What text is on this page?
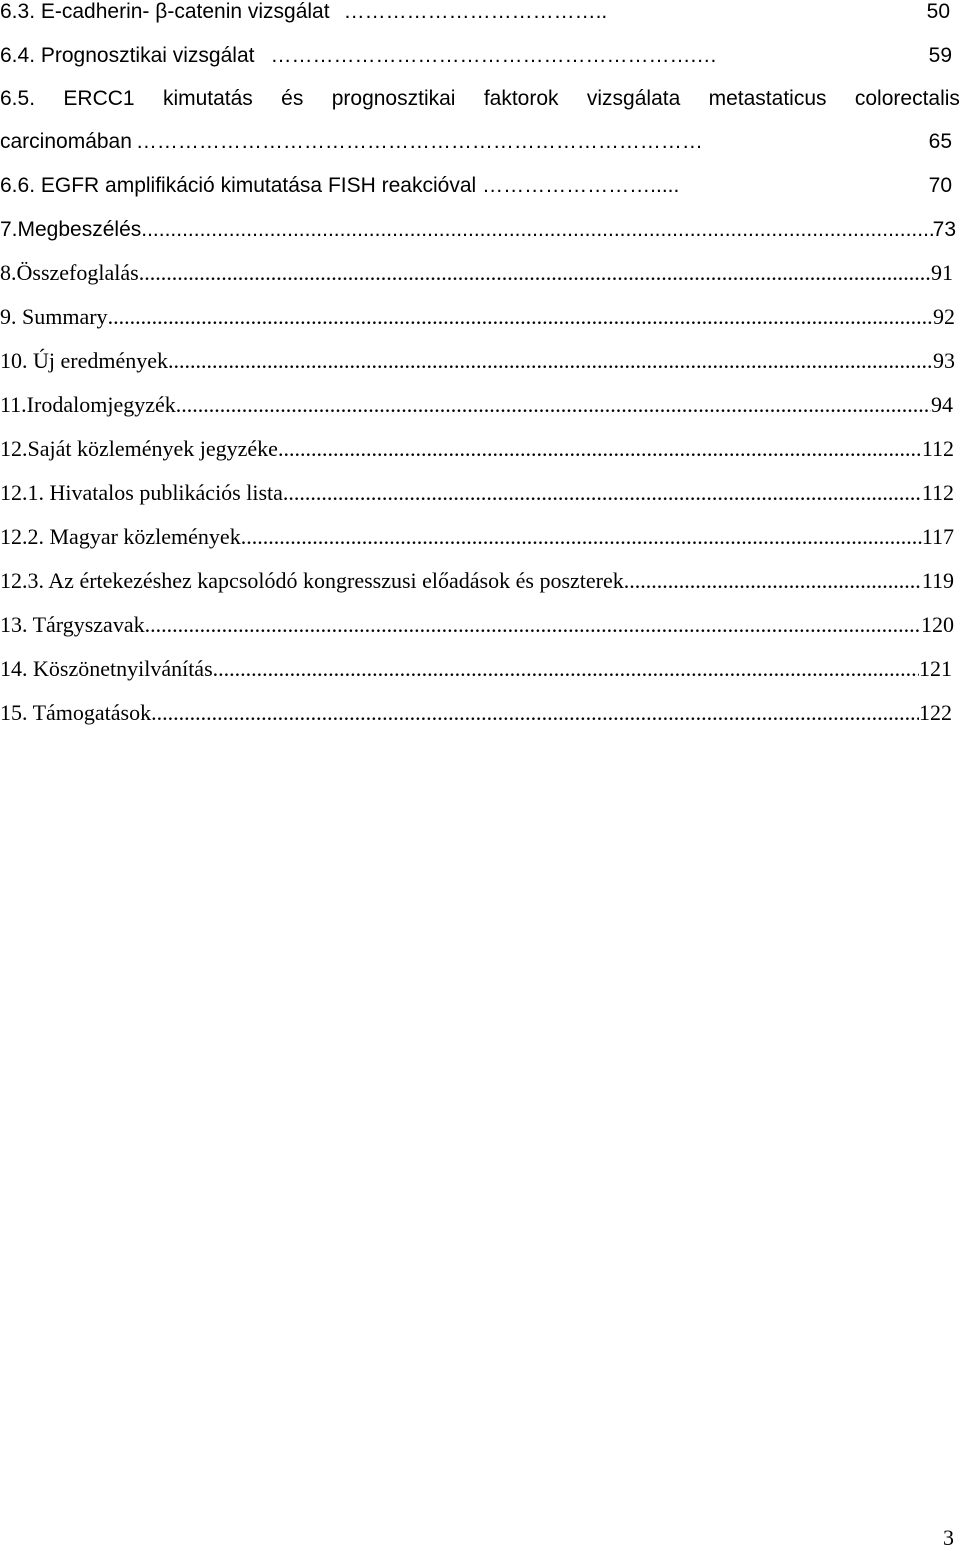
6.3. E-cadherin- β-catenin vizsgálat ………………………………..	50
6.4. Prognosztikai vizsgálat …………………………………………………….…	59
6.5. ERCC1 kimutatás és prognosztikai faktorok vizsgálata metastaticus colorectalis
carcinomában ………………………………………………………………………	65
6.6. EGFR amplifikáció kimutatása FISH reakcióval …………………….....	70
7.Megbeszélés .....	73
8.Összefoglalás .....	91
9. Summary .....	92
10. Új eredmények .....	93
11.Irodalomjegyzék .....	94
12.Saját közlemények jegyzéke .....	112
12.1. Hivatalos publikációs lista .....	112
12.2. Magyar közlemények .....	117
12.3. Az értekezéshez kapcsolódó kongresszusi előadások és poszterek .....	119
13. Tárgyszavak .....	120
14. Köszönetnyilvánítás .....	121
15. Támogatások .....	122
3
